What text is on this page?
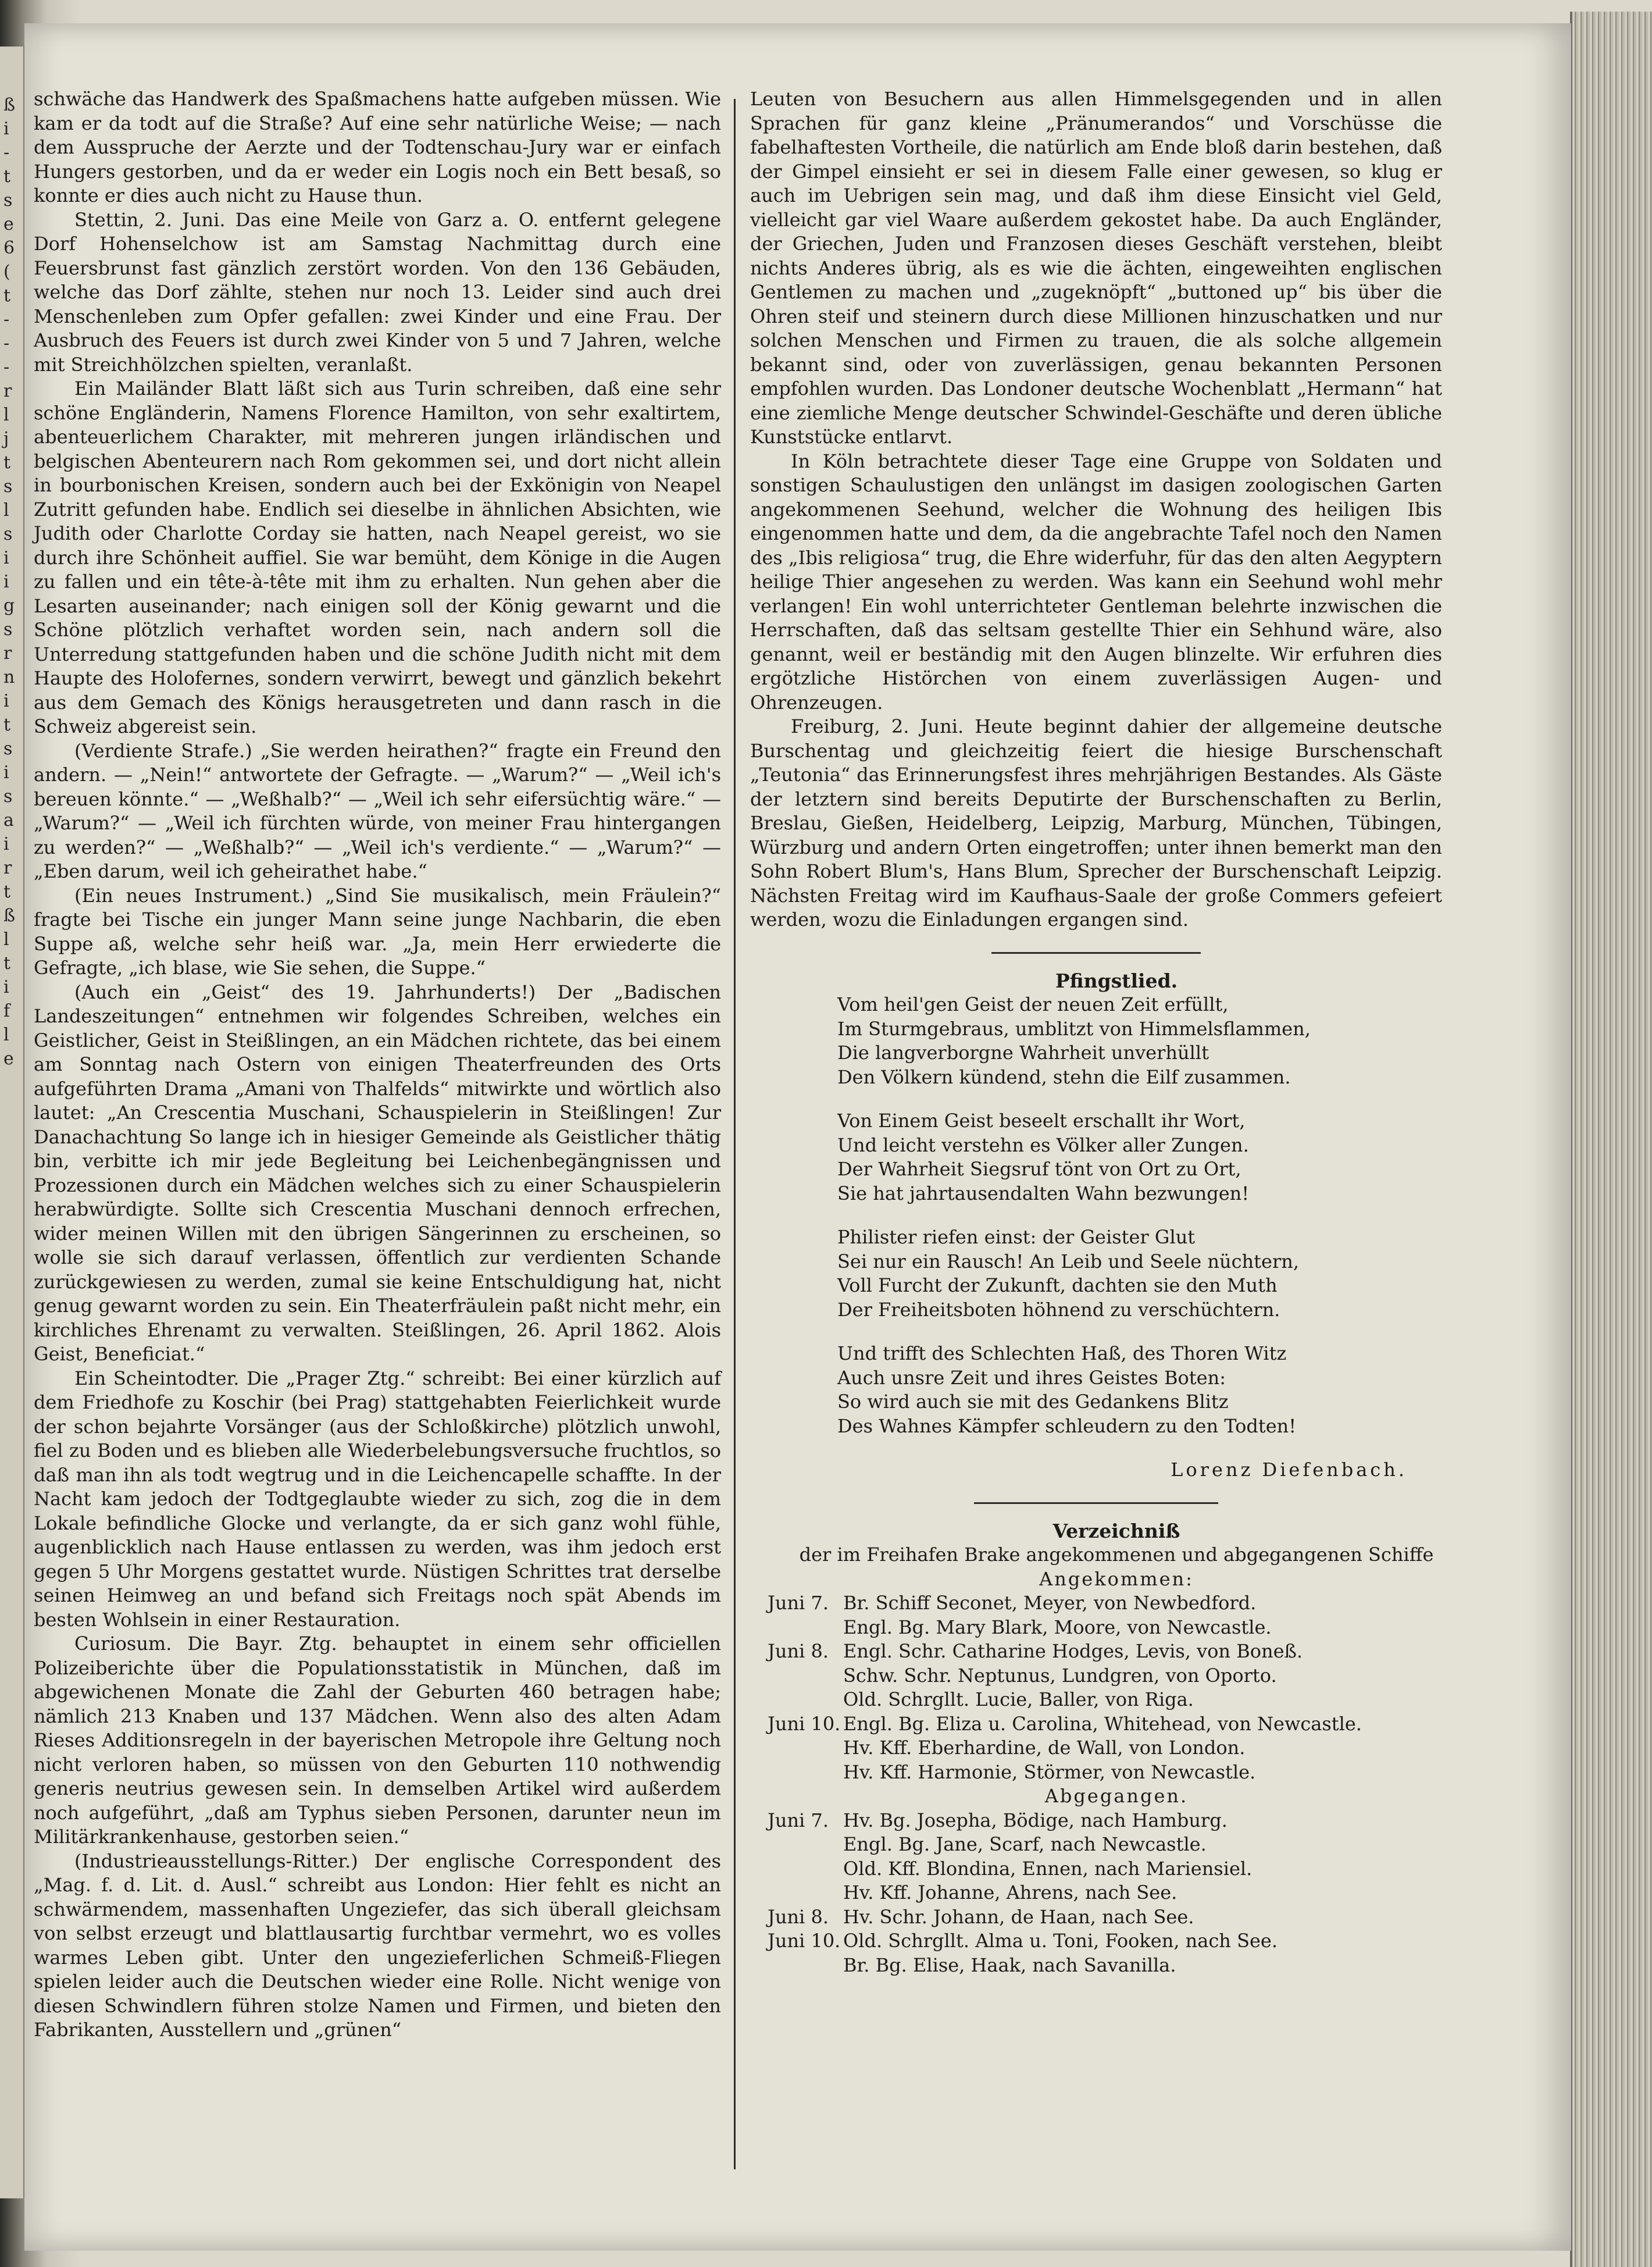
ß
i
-
t
s
e
6
(
t
-
-
-
r
l
j
t
s
l
s
i
i
g
s
r
n
i
t
s
i
s
a
i
r
t
ß
l
t
i
f
l
e

schwäche das Handwerk des Spaßmachens hatte aufgeben müssen. Wie kam er da todt auf die Straße? Auf eine sehr natürliche Weise; — nach dem Ausspruche der Aerzte und der Todtenschau-Jury war er einfach Hungers gestorben, und da er weder ein Logis noch ein Bett besaß, so konnte er dies auch nicht zu Hause thun.

Stettin, 2. Juni. Das eine Meile von Garz a. O. entfernt gelegene Dorf Hohenselchow ist am Samstag Nachmittag durch eine Feuersbrunst fast gänzlich zerstört worden. Von den 136 Gebäuden, welche das Dorf zählte, stehen nur noch 13. Leider sind auch drei Menschenleben zum Opfer gefallen: zwei Kinder und eine Frau. Der Ausbruch des Feuers ist durch zwei Kinder von 5 und 7 Jahren, welche mit Streichhölzchen spielten, veranlaßt.

Ein Mailänder Blatt läßt sich aus Turin schreiben, daß eine sehr schöne Engländerin, Namens Florence Hamilton, von sehr exaltirtem, abenteuerlichem Charakter, mit mehreren jungen irländischen und belgischen Abenteurern nach Rom gekommen sei, und dort nicht allein in bourbonischen Kreisen, sondern auch bei der Exkönigin von Neapel Zutritt gefunden habe. Endlich sei dieselbe in ähnlichen Absichten, wie Judith oder Charlotte Corday sie hatten, nach Neapel gereist, wo sie durch ihre Schönheit auffiel. Sie war bemüht, dem Könige in die Augen zu fallen und ein tête-à-tête mit ihm zu erhalten. Nun gehen aber die Lesarten auseinander; nach einigen soll der König gewarnt und die Schöne plötzlich verhaftet worden sein, nach andern soll die Unterredung stattgefunden haben und die schöne Judith nicht mit dem Haupte des Holofernes, sondern verwirrt, bewegt und gänzlich bekehrt aus dem Gemach des Königs herausgetreten und dann rasch in die Schweiz abgereist sein.

(Verdiente Strafe.) „Sie werden heirathen?“ fragte ein Freund den andern. — „Nein!“ antwortete der Gefragte. — „Warum?“ — „Weil ich's bereuen könnte.“ — „Weßhalb?“ — „Weil ich sehr eifersüchtig wäre.“ — „Warum?“ — „Weil ich fürchten würde, von meiner Frau hintergangen zu werden?“ — „Weßhalb?“ — „Weil ich's verdiente.“ — „Warum?“ — „Eben darum, weil ich geheirathet habe.“

(Ein neues Instrument.) „Sind Sie musikalisch, mein Fräulein?“ fragte bei Tische ein junger Mann seine junge Nachbarin, die eben Suppe aß, welche sehr heiß war. „Ja, mein Herr erwiederte die Gefragte, „ich blase, wie Sie sehen, die Suppe.“

(Auch ein „Geist“ des 19. Jahrhunderts!) Der „Badischen Landeszeitungen“ entnehmen wir folgendes Schreiben, welches ein Geistlicher, Geist in Steißlingen, an ein Mädchen richtete, das bei einem am Sonntag nach Ostern von einigen Theaterfreunden des Orts aufgeführten Drama „Amani von Thalfelds“ mitwirkte und wörtlich also lautet: „An Crescentia Muschani, Schauspielerin in Steißlingen! Zur Danachachtung So lange ich in hiesiger Gemeinde als Geistlicher thätig bin, verbitte ich mir jede Begleitung bei Leichenbegängnissen und Prozessionen durch ein Mädchen welches sich zu einer Schauspielerin herabwürdigte. Sollte sich Crescentia Muschani dennoch erfrechen, wider meinen Willen mit den übrigen Sängerinnen zu erscheinen, so wolle sie sich darauf verlassen, öffentlich zur verdienten Schande zurückgewiesen zu werden, zumal sie keine Entschuldigung hat, nicht genug gewarnt worden zu sein. Ein Theaterfräulein paßt nicht mehr, ein kirchliches Ehrenamt zu verwalten. Steißlingen, 26. April 1862. Alois Geist, Beneficiat.“

Ein Scheintodter. Die „Prager Ztg.“ schreibt: Bei einer kürzlich auf dem Friedhofe zu Koschir (bei Prag) stattgehabten Feierlichkeit wurde der schon bejahrte Vorsänger (aus der Schloßkirche) plötzlich unwohl, fiel zu Boden und es blieben alle Wiederbelebungsversuche fruchtlos, so daß man ihn als todt wegtrug und in die Leichencapelle schaffte. In der Nacht kam jedoch der Todtgeglaubte wieder zu sich, zog die in dem Lokale befindliche Glocke und verlangte, da er sich ganz wohl fühle, augenblicklich nach Hause entlassen zu werden, was ihm jedoch erst gegen 5 Uhr Morgens gestattet wurde. Nüstigen Schrittes trat derselbe seinen Heimweg an und befand sich Freitags noch spät Abends im besten Wohlsein in einer Restauration.

Curiosum. Die Bayr. Ztg. behauptet in einem sehr officiellen Polizeiberichte über die Populationsstatistik in München, daß im abgewichenen Monate die Zahl der Geburten 460 betragen habe; nämlich 213 Knaben und 137 Mädchen. Wenn also des alten Adam Rieses Additionsregeln in der bayerischen Metropole ihre Geltung noch nicht verloren haben, so müssen von den Geburten 110 nothwendig generis neutrius gewesen sein. In demselben Artikel wird außerdem noch aufgeführt, „daß am Typhus sieben Personen, darunter neun im Militärkrankenhause, gestorben seien.“

(Industrieausstellungs-Ritter.) Der englische Correspondent des „Mag. f. d. Lit. d. Ausl.“ schreibt aus London: Hier fehlt es nicht an schwärmendem, massenhaften Ungeziefer, das sich überall gleichsam von selbst erzeugt und blattlausartig furchtbar vermehrt, wo es volles warmes Leben gibt. Unter den ungezieferlichen Schmeiß-Fliegen spielen leider auch die Deutschen wieder eine Rolle. Nicht wenige von diesen Schwindlern führen stolze Namen und Firmen, und bieten den Fabrikanten, Ausstellern und „grünen“

Leuten von Besuchern aus allen Himmelsgegenden und in allen Sprachen für ganz kleine „Pränumerandos“ und Vorschüsse die fabelhaftesten Vortheile, die natürlich am Ende bloß darin bestehen, daß der Gimpel einsieht er sei in diesem Falle einer gewesen, so klug er auch im Uebrigen sein mag, und daß ihm diese Einsicht viel Geld, vielleicht gar viel Waare außerdem gekostet habe. Da auch Engländer, der Griechen, Juden und Franzosen dieses Geschäft verstehen, bleibt nichts Anderes übrig, als es wie die ächten, eingeweihten englischen Gentlemen zu machen und „zugeknöpft“ „buttoned up“ bis über die Ohren steif und steinern durch diese Millionen hinzuschatken und nur solchen Menschen und Firmen zu trauen, die als solche allgemein bekannt sind, oder von zuverlässigen, genau bekannten Personen empfohlen wurden. Das Londoner deutsche Wochenblatt „Hermann“ hat eine ziemliche Menge deutscher Schwindel-Geschäfte und deren übliche Kunststücke entlarvt.

In Köln betrachtete dieser Tage eine Gruppe von Soldaten und sonstigen Schaulustigen den unlängst im dasigen zoologischen Garten angekommenen Seehund, welcher die Wohnung des heiligen Ibis eingenommen hatte und dem, da die angebrachte Tafel noch den Namen des „Ibis religiosa“ trug, die Ehre widerfuhr, für das den alten Aegyptern heilige Thier angesehen zu werden. Was kann ein Seehund wohl mehr verlangen! Ein wohl unterrichteter Gentleman belehrte inzwischen die Herrschaften, daß das seltsam gestellte Thier ein Sehhund wäre, also genannt, weil er beständig mit den Augen blinzelte. Wir erfuhren dies ergötzliche Histörchen von einem zuverlässigen Augen- und Ohrenzeugen.

Freiburg, 2. Juni. Heute beginnt dahier der allgemeine deutsche Burschentag und gleichzeitig feiert die hiesige Burschenschaft „Teutonia“ das Erinnerungsfest ihres mehrjährigen Bestandes. Als Gäste der letztern sind bereits Deputirte der Burschenschaften zu Berlin, Breslau, Gießen, Heidelberg, Leipzig, Marburg, München, Tübingen, Würzburg und andern Orten eingetroffen; unter ihnen bemerkt man den Sohn Robert Blum's, Hans Blum, Sprecher der Burschenschaft Leipzig. Nächsten Freitag wird im Kaufhaus-Saale der große Commers gefeiert werden, wozu die Einladungen ergangen sind.

Pfingstlied.

Vom heil'gen Geist der neuen Zeit erfüllt,
Im Sturmgebraus, umblitzt von Himmelsflammen,
Die langverborgne Wahrheit unverhüllt
Den Völkern kündend, stehn die Eilf zusammen.
Von Einem Geist beseelt erschallt ihr Wort,
Und leicht verstehn es Völker aller Zungen.
Der Wahrheit Siegsruf tönt von Ort zu Ort,
Sie hat jahrtausendalten Wahn bezwungen!
Philister riefen einst: der Geister Glut
Sei nur ein Rausch! An Leib und Seele nüchtern,
Voll Furcht der Zukunft, dachten sie den Muth
Der Freiheitsboten höhnend zu verschüchtern.
Und trifft des Schlechten Haß, des Thoren Witz
Auch unsre Zeit und ihres Geistes Boten:
So wird auch sie mit des Gedankens Blitz
Des Wahnes Kämpfer schleudern zu den Todten!

Lorenz Diefenbach.

Verzeichniß

der im Freihafen Brake angekommenen und abgegangenen Schiffe

Angekommen:

Juni 7. Br. Schiff Seconet, Meyer, von Newbedford.
Engl. Bg. Mary Blark, Moore, von Newcastle.
Juni 8. Engl. Schr. Catharine Hodges, Levis, von Boneß.
Schw. Schr. Neptunus, Lundgren, von Oporto.
Old. Schrgllt. Lucie, Baller, von Riga.
Juni 10. Engl. Bg. Eliza u. Carolina, Whitehead, von Newcastle.
Hv. Kff. Eberhardine, de Wall, von London.
Hv. Kff. Harmonie, Störmer, von Newcastle.

Abgegangen.

Juni 7. Hv. Bg. Josepha, Bödige, nach Hamburg.
Engl. Bg. Jane, Scarf, nach Newcastle.
Old. Kff. Blondina, Ennen, nach Mariensiel.
Hv. Kff. Johanne, Ahrens, nach See.
Juni 8. Hv. Schr. Johann, de Haan, nach See.
Juni 10. Old. Schrgllt. Alma u. Toni, Fooken, nach See.
Br. Bg. Elise, Haak, nach Savanilla.
